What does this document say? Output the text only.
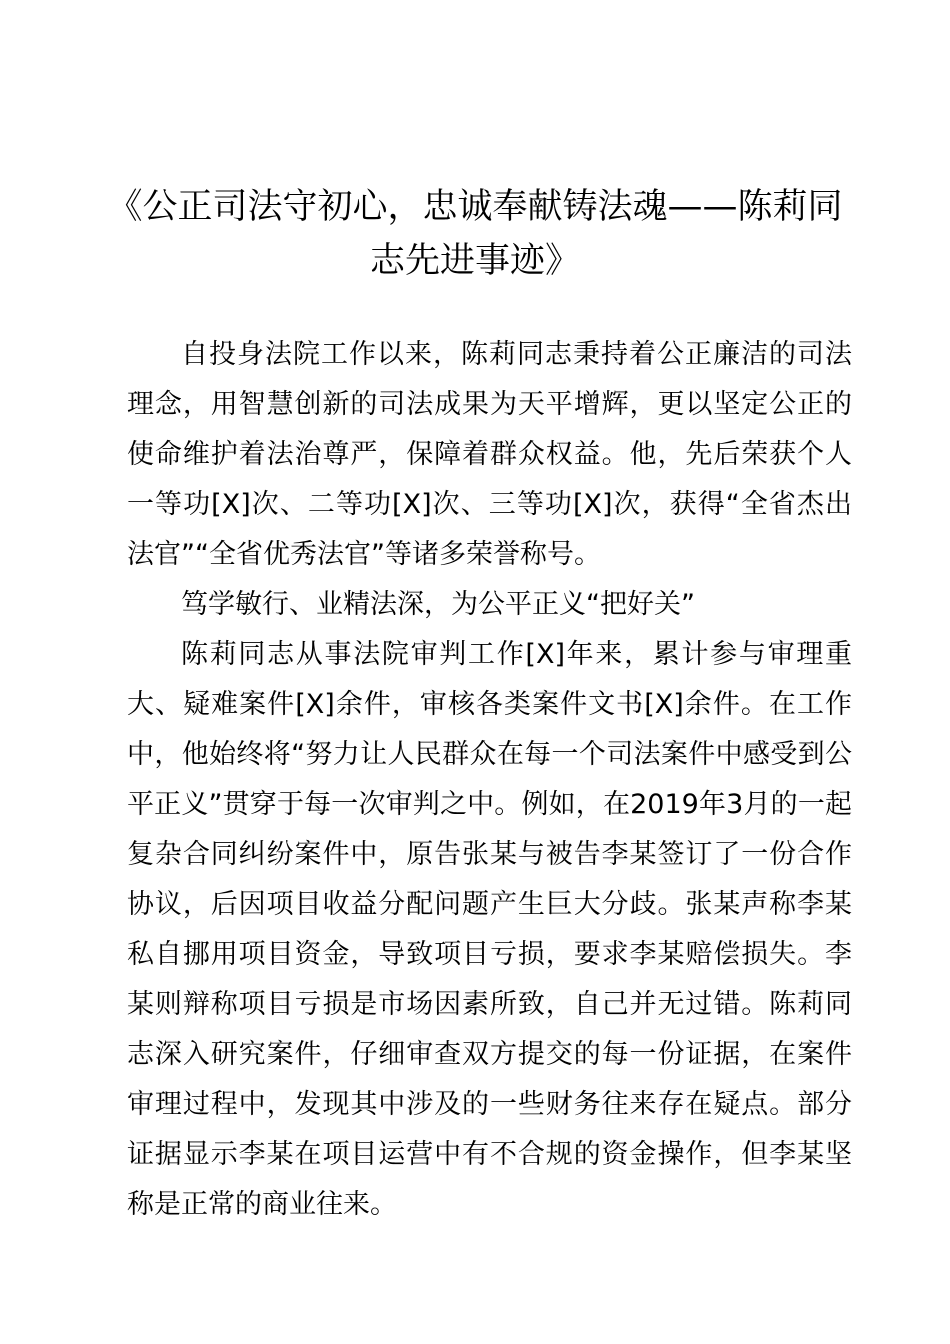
《公正司法守初心，忠诚奉献铸法魂——陈莉同志先进事迹》

自投身法院工作以来，陈莉同志秉持着公正廉洁的司法理念，用智慧创新的司法成果为天平增辉，更以坚定公正的使命维护着法治尊严，保障着群众权益。他，先后荣获个人一等功[X]次、二等功[X]次、三等功[X]次，获得“全省杰出法官”“全省优秀法官”等诸多荣誉称号。

笃学敏行、业精法深，为公平正义“把好关”

陈莉同志从事法院审判工作[X]年来，累计参与审理重大、疑难案件[X]余件，审核各类案件文书[X]余件。在工作中，他始终将“努力让人民群众在每一个司法案件中感受到公平正义”贯穿于每一次审判之中。例如，在2019年3月的一起复杂合同纠纷案件中，原告张某与被告李某签订了一份合作协议，后因项目收益分配问题产生巨大分歧。张某声称李某私自挪用项目资金，导致项目亏损，要求李某赔偿损失。李某则辩称项目亏损是市场因素所致，自己并无过错。陈莉同志深入研究案件，仔细审查双方提交的每一份证据，在案件审理过程中，发现其中涉及的一些财务往来存在疑点。部分证据显示李某在项目运营中有不合规的资金操作，但李某坚称是正常的商业往来。
